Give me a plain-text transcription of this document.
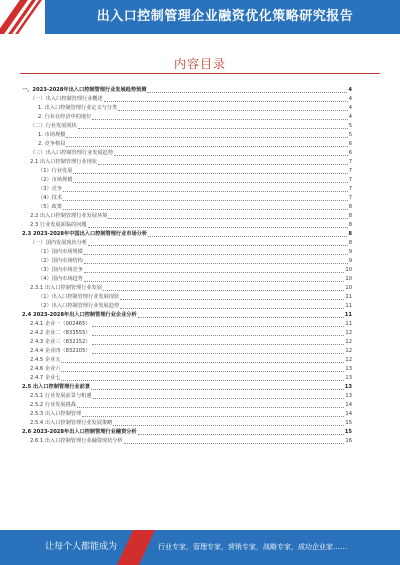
出入口控制管理企业融资优化策略研究报告
内容目录
一、2023-2028年出入口控制管理行业发展趋势预测	4
（一）出入口控制管理行业概述	4
1. 出入口控制管理行业定义与分类	4
2. 行业在经济中的地位	4
（二）行业发展现状	5
1. 市场规模	5
2. 竞争格局	6
（三）出入口控制管理行业发展趋势	6
2.1 出入口控制管理行业现状	7
（1）行业发展	7
（2）市场规模	7
（3）竞争	7
（4）技术	7
（5）政策	8
2.2 出入口控制管理行业发展环境	8
2.3 行业发展面临的问题	8
2.3 2023-2028年中国出入口控制管理行业市场分析	8
（一）国内发展现状分析	8
（1）国内市场规模	9
（2）国内市场结构	9
（3）国内市场竞争	10
（4）国内市场趋势	10
2.3.1 出入口控制管理行业发展	10
（1）出入口控制管理行业发展现状	11
（2）出入口控制管理行业发展趋势	11
2.4 2023-2028年出入口控制管理行业企业分析	11
2.4.1 企业一（002465）	11
2.4.2 企业二（833555）	12
2.4.3 企业三（832152）	12
2.4.4 企业四（832105）	12
2.4.5 企业五	12
2.4.6 企业六	13
2.4.7 企业七	13
2.5 出入口控制管理行业前景	13
2.5.1 行业发展前景与机遇	13
2.5.2 行业发展挑战	14
2.5.3 出入口控制管理	14
2.5.4 出入口控制管理行业发展策略	15
2.6 2023-2028年出入口控制管理行业融资分析	15
2.6.1 出入口控制管理行业融资现状分析	16
让每个人都能成为	行业专家，管理专家，营销专家，战略专家，成功企业家……
